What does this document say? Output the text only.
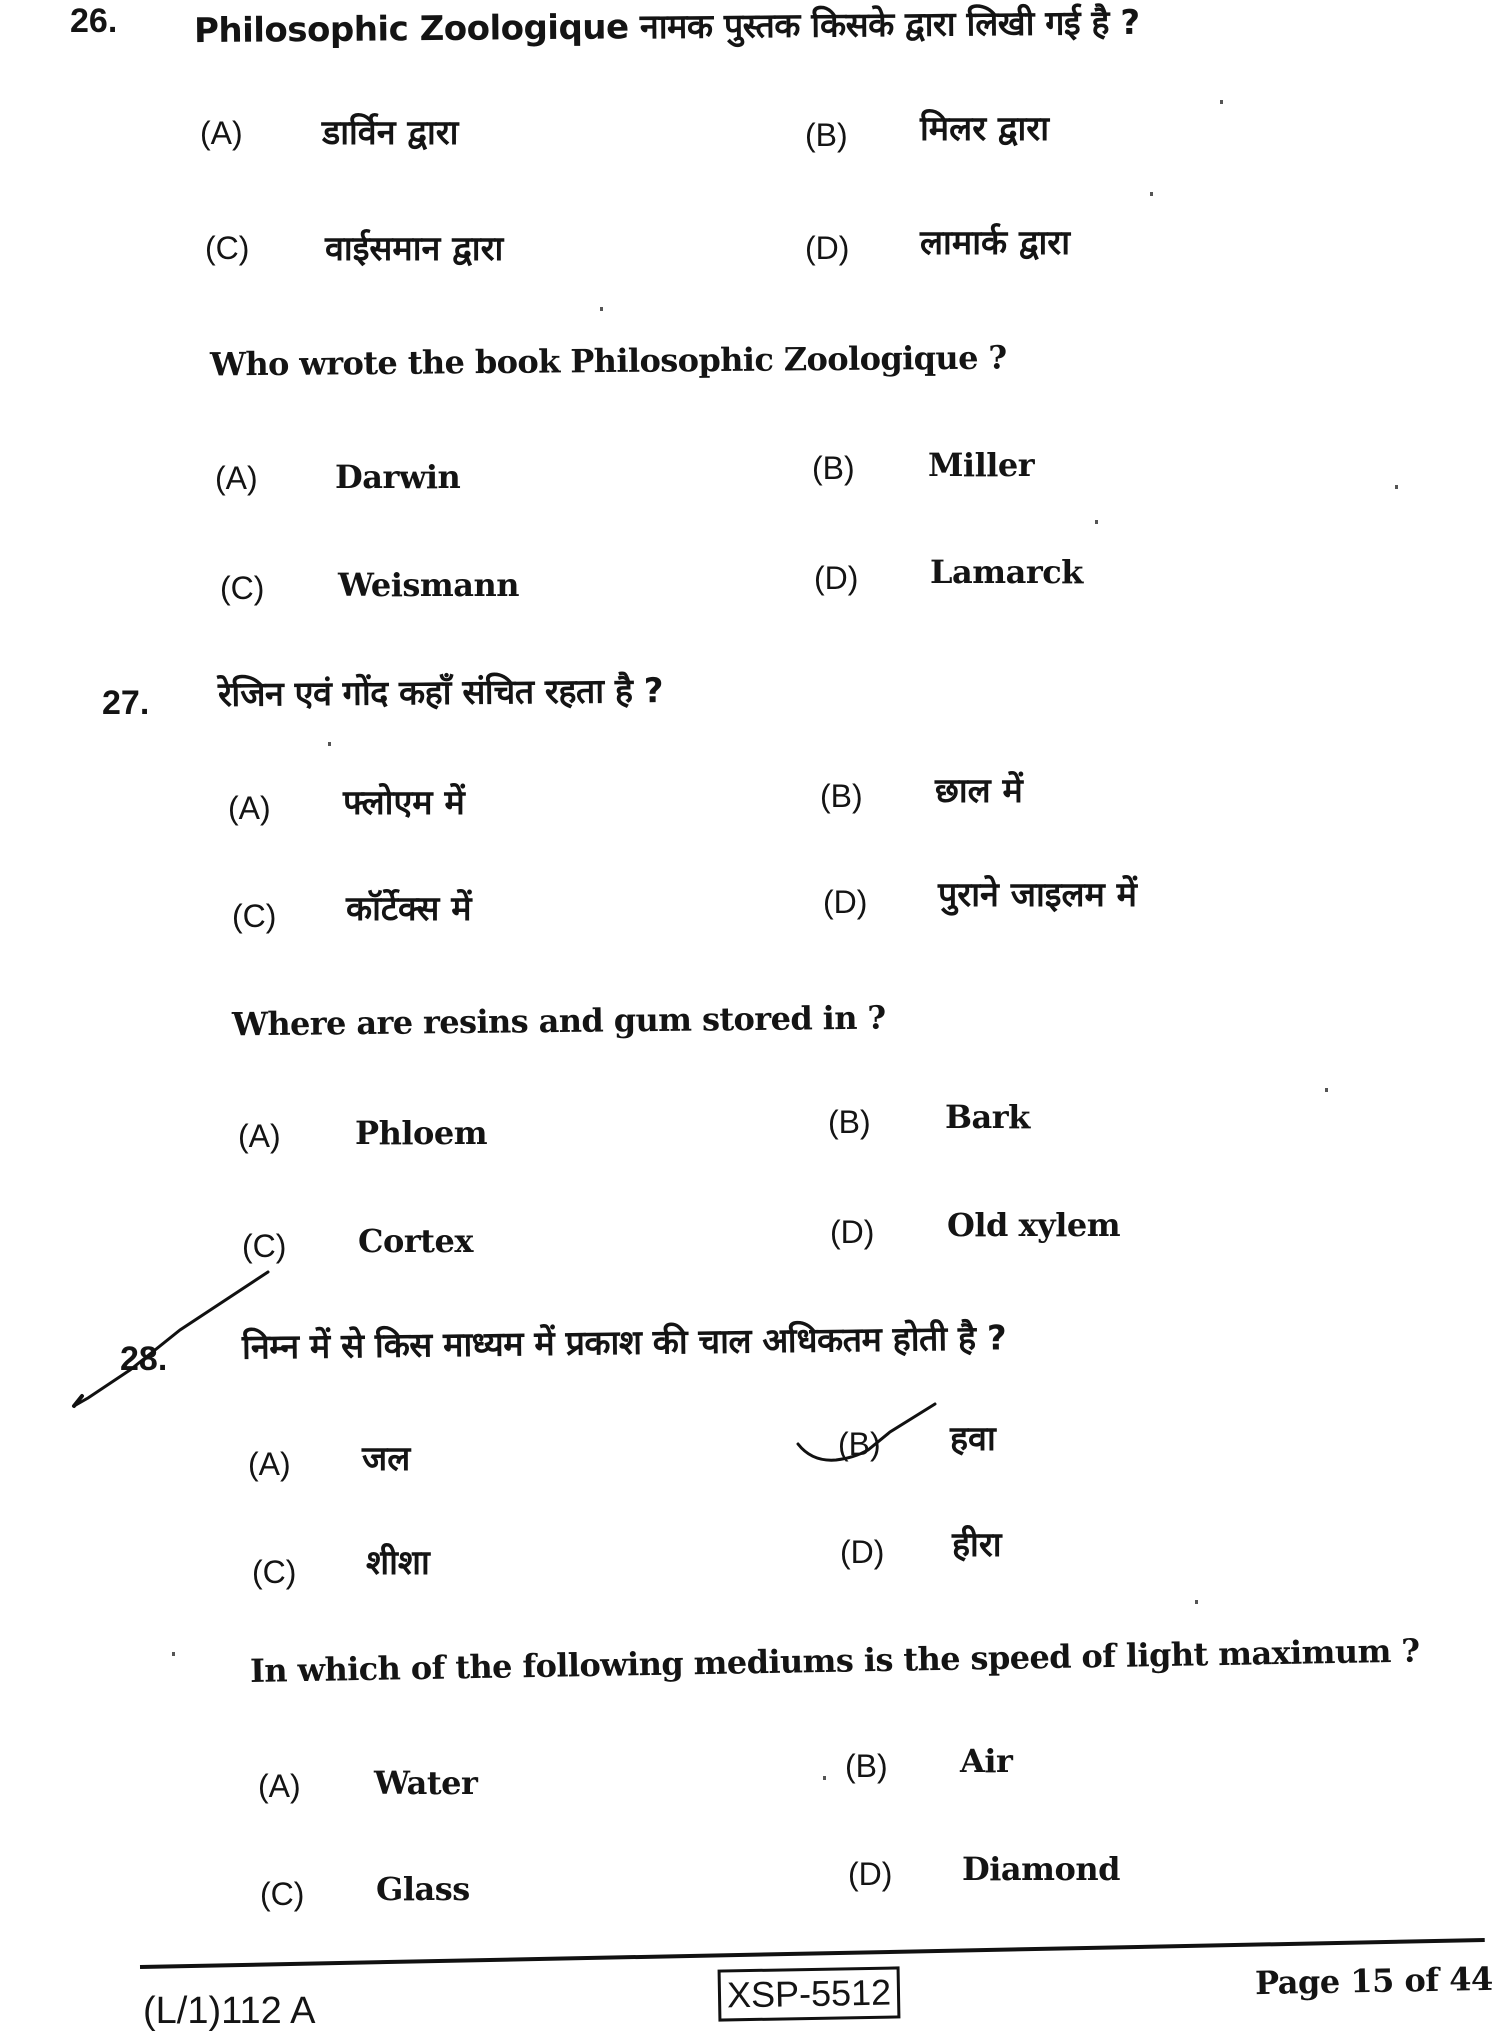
26. Philosophic Zoologique नामक पुस्तक किसके द्वारा लिखी गई है ?
(A) डार्विन द्वारा	(B) मिलर द्वारा
(C) वाईसमान द्वारा	(D) लामार्क द्वारा
Who wrote the book Philosophic Zoologique ?
(A) Darwin	(B) Miller
(C) Weismann	(D) Lamarck
27. रेजिन एवं गोंद कहाँ संचित रहता है ?
(A) फ्लोएम में	(B) छाल में
(C) कॉर्टेक्स में	(D) पुराने जाइलम में
Where are resins and gum stored in ?
(A) Phloem	(B) Bark
(C) Cortex	(D) Old xylem
28. निम्न में से किस माध्यम में प्रकाश की चाल अधिकतम होती है ?
(A) जल	(B) हवा
(C) शीशा	(D) हीरा
In which of the following mediums is the speed of light maximum ?
(A) Water	(B) Air
(C) Glass	(D) Diamond
(L/1)112 A	XSP-5512	Page 15 of 44
